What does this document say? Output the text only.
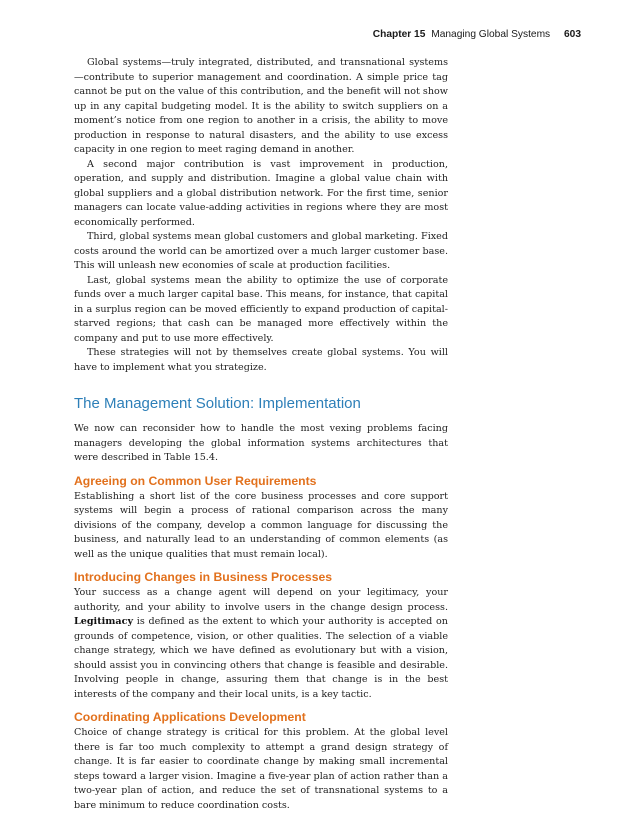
Chapter 15 Managing Global Systems 603

Global systems—truly integrated, distributed, and transnational systems—contribute to superior management and coordination. A simple price tag cannot be put on the value of this contribution, and the benefit will not show up in any capital budgeting model. It is the ability to switch suppliers on a moment’s notice from one region to another in a crisis, the ability to move production in response to natural disasters, and the ability to use excess capacity in one region to meet raging demand in another.

A second major contribution is vast improvement in production, operation, and supply and distribution. Imagine a global value chain with global suppliers and a global distribution network. For the first time, senior managers can locate value-adding activities in regions where they are most economically performed.

Third, global systems mean global customers and global marketing. Fixed costs around the world can be amortized over a much larger customer base. This will unleash new economies of scale at production facilities.

Last, global systems mean the ability to optimize the use of corporate funds over a much larger capital base. This means, for instance, that capital in a surplus region can be moved efficiently to expand production of capital-starved regions; that cash can be managed more effectively within the company and put to use more effectively.

These strategies will not by themselves create global systems. You will have to implement what you strategize.

The Management Solution: Implementation

We now can reconsider how to handle the most vexing problems facing managers developing the global information systems architectures that were described in Table 15.4.

Agreeing on Common User Requirements

Establishing a short list of the core business processes and core support systems will begin a process of rational comparison across the many divisions of the company, develop a common language for discussing the business, and naturally lead to an understanding of common elements (as well as the unique qualities that must remain local).

Introducing Changes in Business Processes

Your success as a change agent will depend on your legitimacy, your authority, and your ability to involve users in the change design process. Legitimacy is defined as the extent to which your authority is accepted on grounds of competence, vision, or other qualities. The selection of a viable change strategy, which we have defined as evolutionary but with a vision, should assist you in convincing others that change is feasible and desirable. Involving people in change, assuring them that change is in the best interests of the company and their local units, is a key tactic.

Coordinating Applications Development

Choice of change strategy is critical for this problem. At the global level there is far too much complexity to attempt a grand design strategy of change. It is far easier to coordinate change by making small incremental steps toward a larger vision. Imagine a five-year plan of action rather than a two-year plan of action, and reduce the set of transnational systems to a bare minimum to reduce coordination costs.
